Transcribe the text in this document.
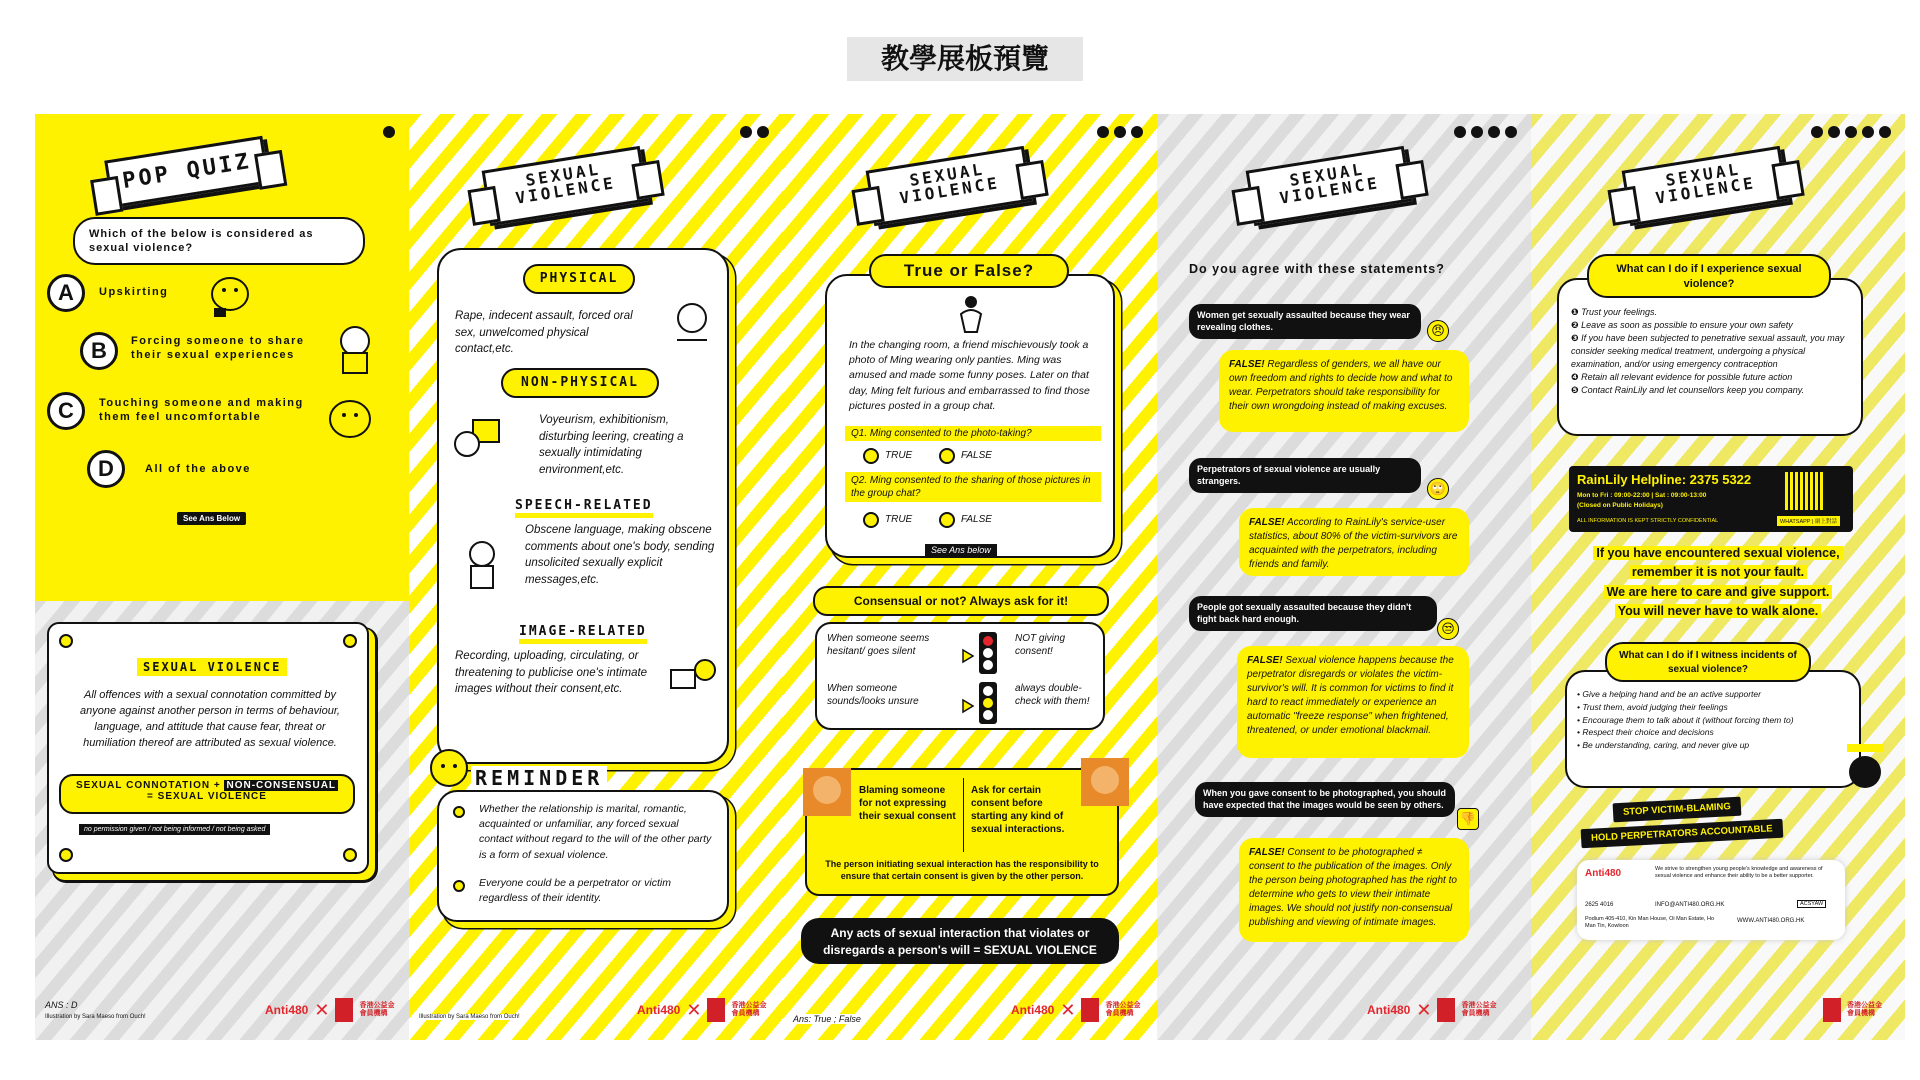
教學展板預覽
POP QUIZ
Which of the below is considered as sexual violence?
A	Upskirting
B	Forcing someone to share their sexual experiences
C	Touching someone and making them feel uncomfortable
D	All of the above
See Ans Below
SEXUAL VIOLENCE
All offences with a sexual connotation committed by anyone against another person in terms of behaviour, language, and attitude that cause fear, threat or humiliation thereof are attributed as sexual violence.
SEXUAL CONNOTATION + NON-CONSENSUAL
= SEXUAL VIOLENCE
no permission given / not being informed / not being asked
ANS : D
Illustration by Sara Maeso from Ouch!	Anti480 ✕	香港公益金
會員機構
SEXUAL VIOLENCE
PHYSICAL
Rape, indecent assault, forced oral sex, unwelcomed physical contact,etc.
NON-PHYSICAL
Voyeurism, exhibitionism, disturbing leering, creating a sexually intimidating environment,etc.
SPEECH-RELATED
Obscene language, making obscene comments about one's body, sending unsolicited sexually explicit messages,etc.
IMAGE-RELATED
Recording, uploading, circulating, or threatening to publicise one's intimate images without their consent,etc.
REMINDER
Whether the relationship is marital, romantic, acquainted or unfamiliar, any forced sexual contact without regard to the will of the other party is a form of sexual violence.
Everyone could be a perpetrator or victim regardless of their identity.
Illustration by Sara Maeso from Ouch!	Anti480 ✕	香港公益金
會員機構
SEXUAL VIOLENCE
True or False?
In the changing room, a friend mischievously took a photo of Ming wearing only panties. Ming was amused and made some funny poses. Later on that day, Ming felt furious and embarrassed to find those pictures posted in a group chat.
Q1. Ming consented to the photo-taking?
TRUE	FALSE
Q2. Ming consented to the sharing of those pictures in the group chat?
TRUE	FALSE
See Ans below
Consensual or not? Always ask for it!
When someone seems hesitant/ goes silent
NOT giving consent!
When someone sounds/looks unsure
always double-check with them!
Blaming someone for not expressing their sexual consent
Ask for certain consent before starting any kind of sexual interactions.
The person initiating sexual interaction has the responsibility to ensure that certain consent is given by the other person.
Any acts of sexual interaction that violates or disregards a person's will = SEXUAL VIOLENCE
Ans: True ; False
Anti480 ✕	香港公益金
會員機構
SEXUAL VIOLENCE
Do you agree with these statements?
Women get sexually assaulted because they wear revealing clothes.	😠
FALSE! Regardless of genders, we all have our own freedom and rights to decide how and what to wear. Perpetrators should take responsibility for their own wrongdoing instead of making excuses.
Perpetrators of sexual violence are usually strangers.
🙄
FALSE! According to RainLily's service-user statistics, about 80% of the victim-survivors are acquainted with the perpetrators, including friends and family.
People got sexually assaulted because they didn't fight back hard enough.
😒
FALSE! Sexual violence happens because the perpetrator disregards or violates the victim-survivor's will. It is common for victims to find it hard to react immediately or experience an automatic "freeze response" when frightened, threatened, or under emotional blackmail.
When you gave consent to be photographed, you should have expected that the images would be seen by others.
👎
FALSE! Consent to be photographed ≠ consent to the publication of the images. Only the person being photographed has the right to determine who gets to view their intimate images. We should not justify non-consensual publishing and viewing of intimate images.
Anti480 ✕	香港公益金
會員機構
SEXUAL VIOLENCE
What can I do if I experience sexual violence?
❶ Trust your feelings.
❷ Leave as soon as possible to ensure your own safety
❸ If you have been subjected to penetrative sexual assault, you may consider seeking medical treatment, undergoing a physical examination, and/or using emergency contraception
❹ Retain all relevant evidence for possible future action
❺ Contact RainLily and let counsellors keep you company.
RainLily Helpline: 2375 5322
Mon to Fri : 09:00-22:00 | Sat : 09:00-13:00
(Closed on Public Holidays)
ALL INFORMATION IS KEPT STRICTLY CONFIDENTIAL	WHATSAPP | 網上對話
If you have encountered sexual violence,
remember it is not your fault.
We are here to care and give support.
You will never have to walk alone.
What can I do if I witness incidents of sexual violence?
• Give a helping hand and be an active supporter
• Trust them, avoid judging their feelings
• Encourage them to talk about it (without forcing them to)
• Respect their choice and decisions
• Be understanding, caring, and never give up
STOP VICTIM-BLAMING
HOLD PERPETRATORS ACCOUNTABLE
Anti480	We strive to strengthen young people's knowledge and awareness of sexual violence and enhance their ability to be a better supporter.
2625 4016	INFO@ANTI480.ORG.HK	ACSYAW
Podium 405-410, Kin Man House, Oi Man Estate, Ho Man Tin, Kowloon
WWW.ANTI480.ORG.HK
香港公益金
會員機構
